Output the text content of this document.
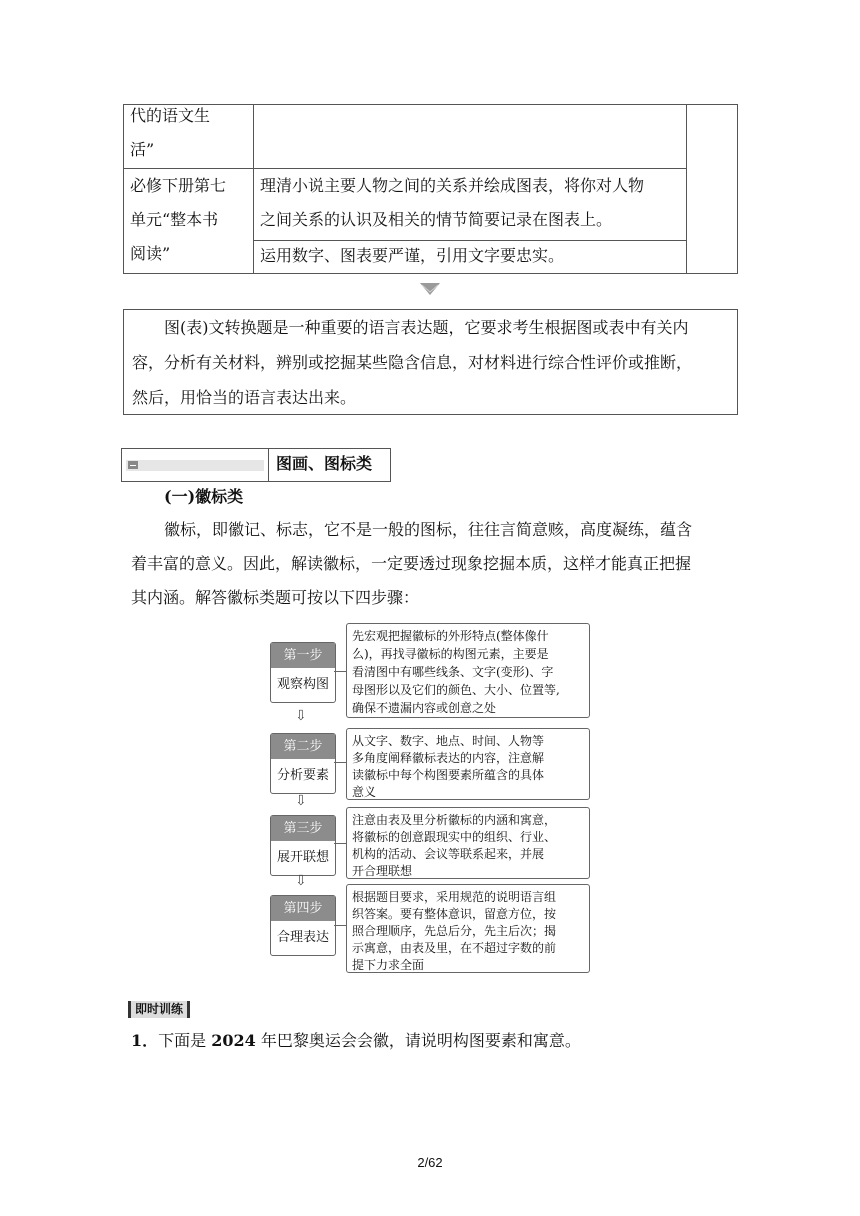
代的语文生
活”
必修下册第七
单元“整本书
阅读”
理清小说主要人物之间的关系并绘成图表，将你对人物
之间关系的认识及相关的情节简要记录在图表上。
运用数字、图表要严谨，引用文字要忠实。

图(表)文转换题是一种重要的语言表达题，它要求考生根据图或表中有关内

容，分析有关材料，辨别或挖掘某些隐含信息，对材料进行综合性评价或推断，

然后，用恰当的语言表达出来。

图画、图标类
(一)徽标类
徽标，即徽记、标志，它不是一般的图标，往往言简意赅，高度凝练，蕴含
着丰富的意义。因此，解读徽标，一定要透过现象挖掘本质，这样才能真正把握
其内涵。解答徽标类题可按以下四步骤：
第一步
观察构图
先宏观把握徽标的外形特点(整体像什
么)，再找寻徽标的构图元素，主要是
看清图中有哪些线条、文字(变形)、字
母图形以及它们的颜色、大小、位置等,
确保不遗漏内容或创意之处
⇩
第二步
分析要素
从文字、数字、地点、时间、人物等
多角度阐释徽标表达的内容，注意解
读徽标中每个构图要素所蕴含的具体
意义
⇩
第三步
展开联想
注意由表及里分析徽标的内涵和寓意，
将徽标的创意跟现实中的组织、行业、
机构的活动、会议等联系起来，并展
开合理联想
⇩
第四步
合理表达
根据题目要求，采用规范的说明语言组
织答案。要有整体意识，留意方位，按
照合理顺序，先总后分，先主后次；揭
示寓意，由表及里，在不超过字数的前
提下力求全面
即时训练
1．下面是 2024 年巴黎奥运会会徽，请说明构图要素和寓意。
2/62
